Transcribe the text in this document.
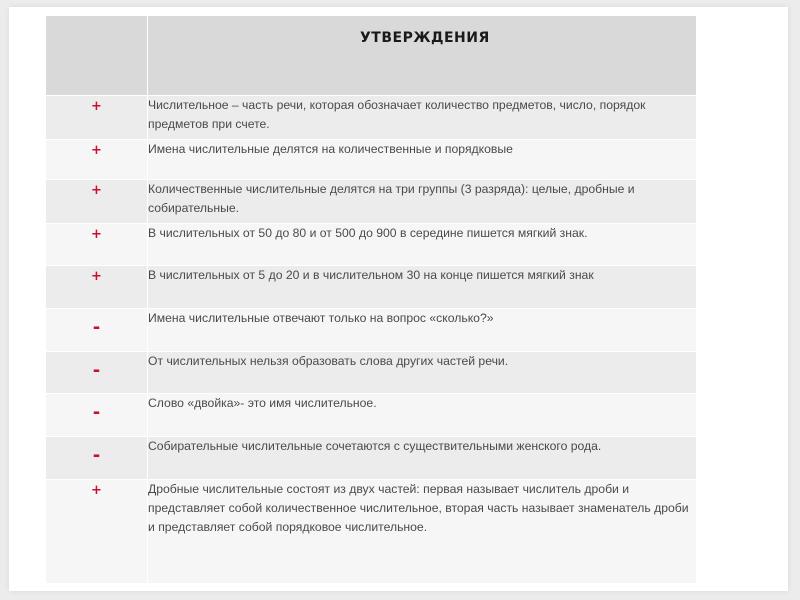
	УТВЕРЖДЕНИЯ

+	Числительное – часть речи, которая обозначает количество предметов, число, порядок предметов при счете.

+	Имена числительные делятся на количественные и порядковые

+	Количественные числительные делятся на три группы (3 разряда): целые, дробные и собирательные.

+	В числительных от 50 до 80 и от 500 до 900 в середине пишется мягкий знак.

+	В числительных от 5 до 20 и в числительном 30 на конце пишется мягкий знак

-	Имена числительные отвечают только на вопрос «сколько?»

-	От числительных нельзя образовать слова других частей речи.

-	Слово «двойка»- это имя числительное.

-	Собирательные числительные сочетаются с существительными женского рода.

+	Дробные числительные состоят из двух частей: первая называет числитель дроби и представляет собой количественное числительное, вторая часть называет знаменатель дроби и представляет собой порядковое числительное.
